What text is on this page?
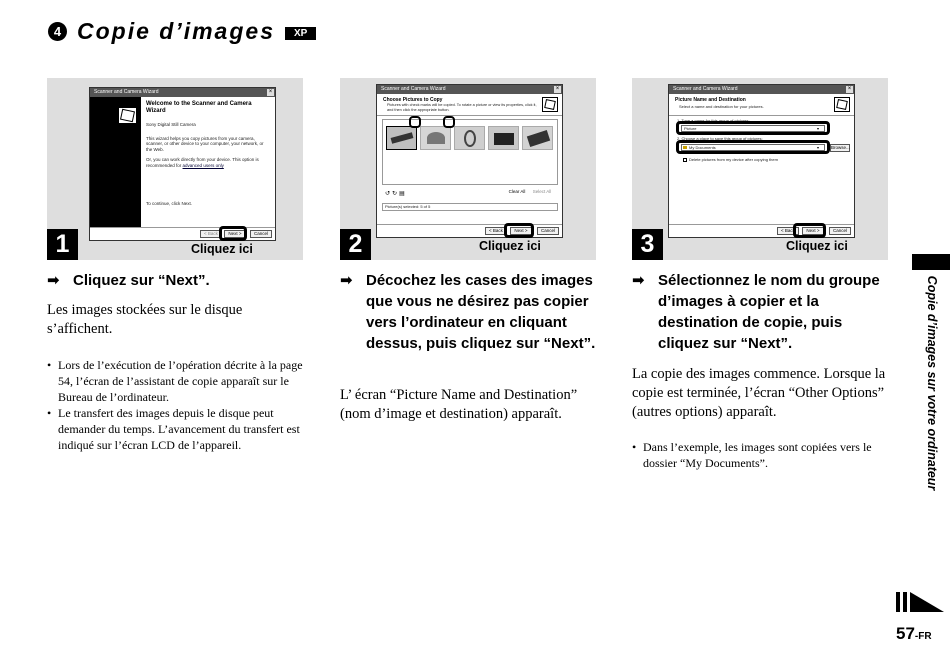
4 Copie d’images	XP
Scanner and Camera Wizard	×
Welcome to the Scanner and Camera Wizard
Sony Digital Still Camera
This wizard helps you copy pictures from your camera, scanner, or other device to your computer, your network, or the Web.
Or, you can work directly from your device. This option is recommended for advanced users only
To continue, click Next.
< Back	Next >	Cancel
1	Cliquez ici
Scanner and Camera Wizard	×
Choose Pictures to Copy
Pictures with check marks will be copied. To rotate a picture or view its properties, click it, and then click the appropriate button.
↺↻▤	Clear All	Select All
Picture(s) selected: 5 of 5
< Back	Next >	Cancel
2	Cliquez ici
Scanner and Camera Wizard	×
Picture Name and Destination
Select a name and destination for your pictures.
1. Type a name for this group of pictures:
Picture	▾
2. Choose a place to save this group of pictures:
My Documents	▾	Browse...
Delete pictures from my device after copying them
< Back	Next >	Cancel
3	Cliquez ici
➡ Cliquez sur “Next”.
Les images stockées sur le disque s’affichent.
• Lors de l’exécution de l’opération décrite à la page 54, l’écran de l’assistant de copie apparaît sur le Bureau de l’ordinateur.
• Le transfert des images depuis le disque peut demander du temps. L’avancement du transfert est indiqué sur l’écran LCD de l’appareil.
➡ Décochez les cases des images que vous ne désirez pas copier vers l’ordinateur en cliquant dessus, puis cliquez sur “Next”.
L’ écran “Picture Name and Destination” (nom d’image et destination) apparaît.
➡ Sélectionnez le nom du groupe d’images à copier et la destination de copie, puis cliquez sur “Next”.
La copie des images commence. Lorsque la copie est terminée, l’écran “Other Options” (autres options) apparaît.
• Dans l’exemple, les images sont copiées vers le dossier “My Documents”.	Copie d’images sur votre ordinateur
57-FR
